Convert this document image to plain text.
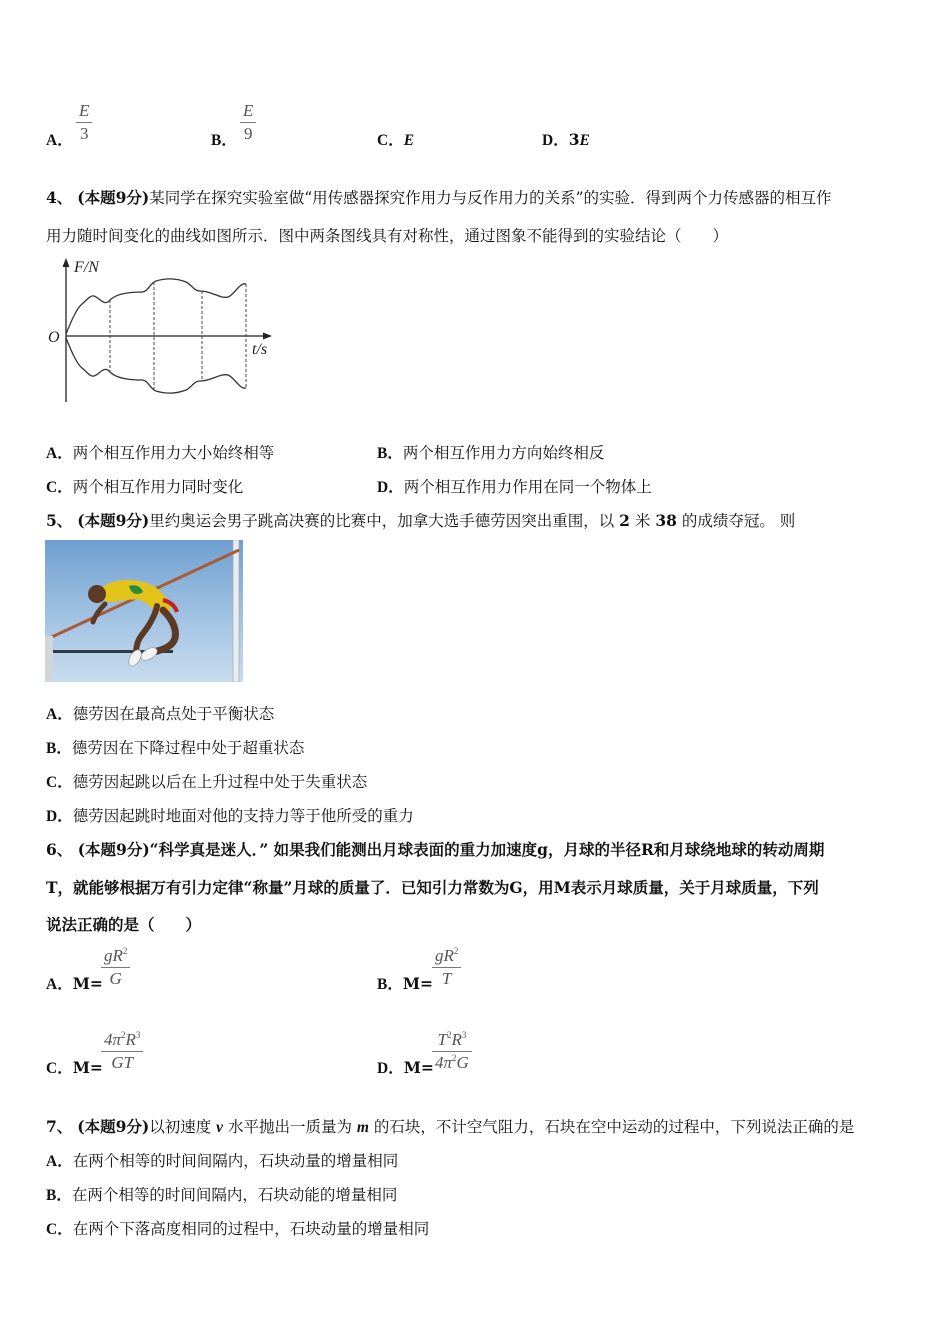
A．
E
3	B．
E
9	C．E	D．3E
4、 (本题9分)某同学在探究实验室做“用传感器探究作用力与反作用力的关系”的实验．得到两个力传感器的相互作
用力随时间变化的曲线如图所示．图中两条图线具有对称性，通过图象不能得到的实验结论（　　）
F/N
O
t/s
A．两个相互作用力大小始终相等	B．两个相互作用力方向始终相反
C．两个相互作用力同时变化	D．两个相互作用力作用在同一个物体上
5、 (本题9分)里约奥运会男子跳高决赛的比赛中，加拿大选手德劳因突出重围，以 2 米 38 的成绩夺冠。 则
A．德劳因在最高点处于平衡状态
B．德劳因在下降过程中处于超重状态
C．德劳因起跳以后在上升过程中处于失重状态
D．德劳因起跳时地面对他的支持力等于他所受的重力
6、 (本题9分)“科学真是迷人．” 如果我们能测出月球表面的重力加速度g，月球的半径R和月球绕地球的转动周期
T，就能够根据万有引力定律“称量”月球的质量了．已知引力常数为G，用M表示月球质量，关于月球质量，下列
说法正确的是（　　）
A．M=
$gR^2$
G	B．M=
$gR^2$
T
C．M=
$4\pi^2R^3$
GT	D．M=
$T^2R^3$
$4\pi^2G$
7、 (本题9分)以初速度 v 水平抛出一质量为 m 的石块，不计空气阻力，石块在空中运动的过程中，下列说法正确的是
A．在两个相等的时间间隔内，石块动量的增量相同
B．在两个相等的时间间隔内，石块动能的增量相同
C．在两个下落高度相同的过程中，石块动量的增量相同
